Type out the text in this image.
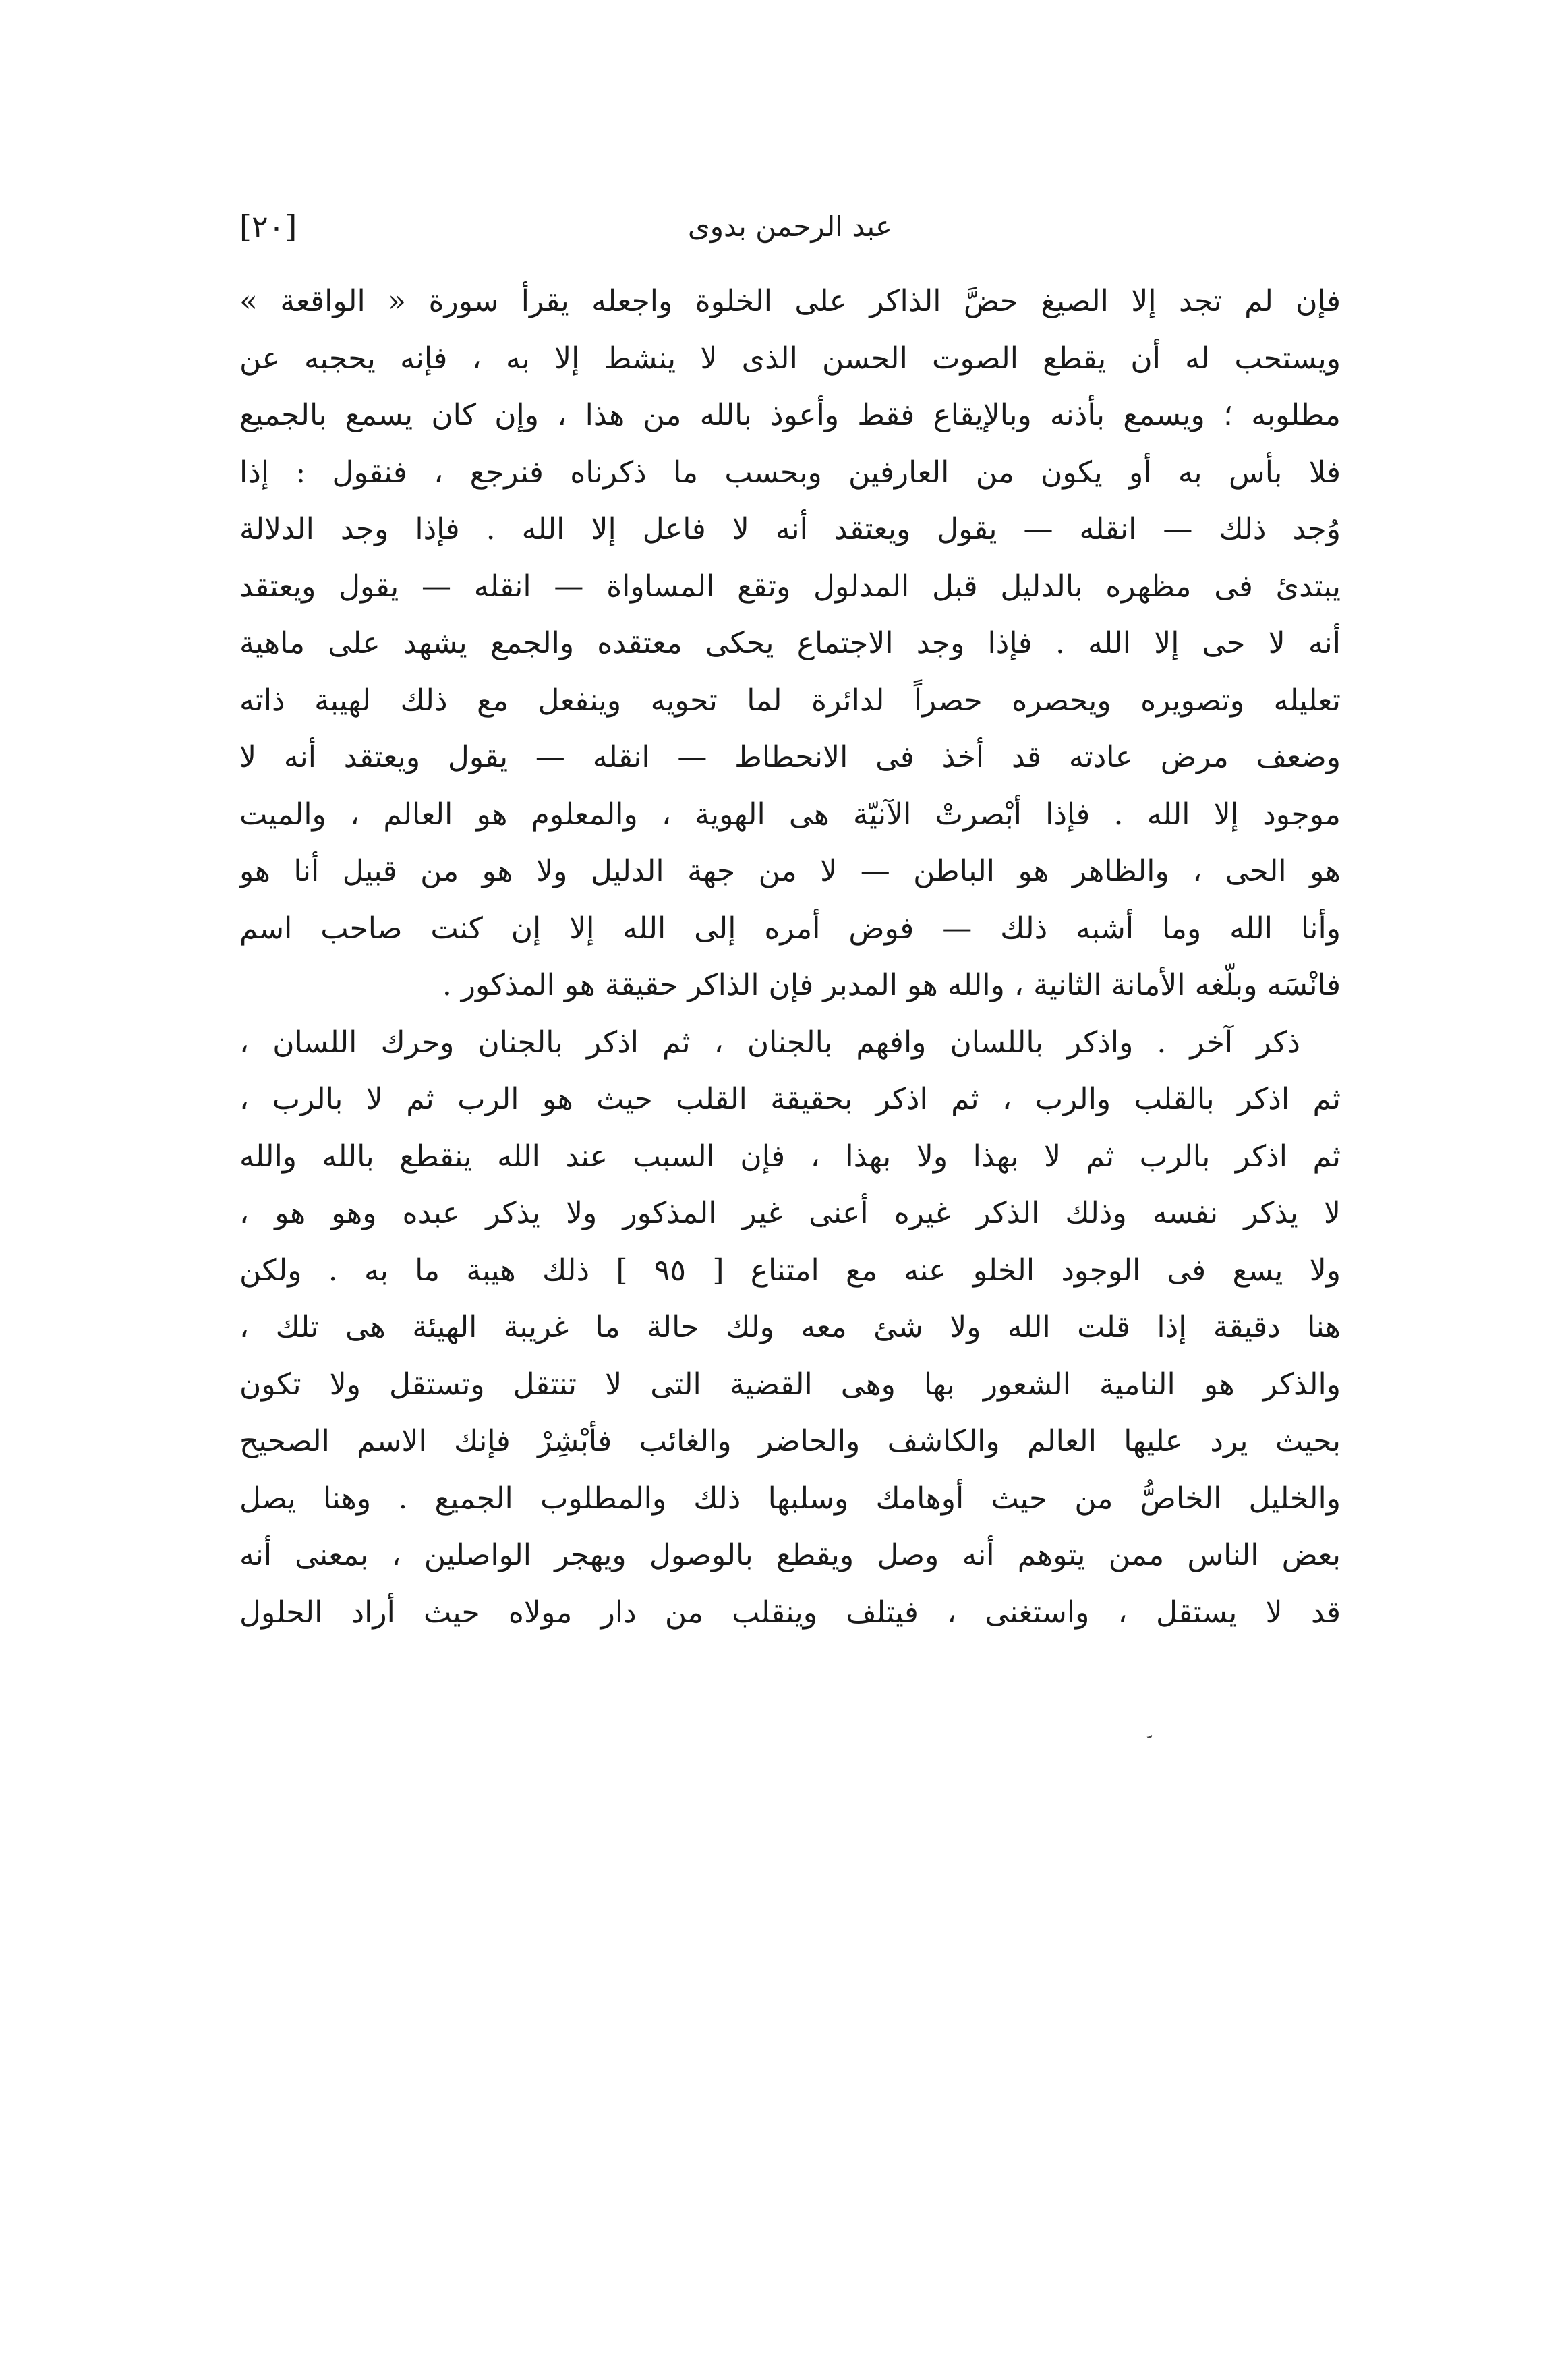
[٢٠]	عبد الرحمن بدوى
فإن لم تجد إلا الصيغ حضَّ الذاكر على الخلوة واجعله يقرأ سورة « الواقعة »
ويستحب له أن يقطع الصوت الحسن الذى لا ينشط إلا به ، فإنه يحجبه عن
مطلوبه ؛ ويسمع بأذنه وبالإيقاع فقط وأعوذ بالله من هذا ، وإن كان يسمع بالجميع
فلا بأس به أو يكون من العارفين وبحسب ما ذكرناه فنرجع ، فنقول : إذا
وُجد ذلك — انقله — يقول ويعتقد أنه لا فاعل إلا الله . فإذا وجد الدلالة
يبتدئ فى مظهره بالدليل قبل المدلول وتقع المساواة — انقله — يقول ويعتقد
أنه لا حى إلا الله . فإذا وجد الاجتماع يحكى معتقده والجمع يشهد على ماهية
تعليله وتصويره ويحصره حصراً لدائرة لما تحويه وينفعل مع ذلك لهيبة ذاته
وضعف مرض عادته قد أخذ فى الانحطاط — انقله — يقول ويعتقد أنه لا
موجود إلا الله . فإذا أبْصرتْ الآنيّة هى الهوية ، والمعلوم هو العالم ، والميت
هو الحى ، والظاهر هو الباطن — لا من جهة الدليل ولا هو من قبيل أنا هو
وأنا الله وما أشبه ذلك — فوض أمره إلى الله إلا إن كنت صاحب اسم
فانْسَه وبلّغه الأمانة الثانية ، والله هو المدبر فإن الذاكر حقيقة هو المذكور .
ذكر آخر . واذكر باللسان وافهم بالجنان ، ثم اذكر بالجنان وحرك اللسان ،
ثم اذكر بالقلب والرب ، ثم اذكر بحقيقة القلب حيث هو الرب ثم لا بالرب ،
ثم اذكر بالرب ثم لا بهذا ولا بهذا ، فإن السبب عند الله ينقطع بالله والله
لا يذكر نفسه وذلك الذكر غيره أعنى غير المذكور ولا يذكر عبده وهو هو ،
ولا يسع فى الوجود الخلو عنه مع امتناع [ ٩٥ ] ذلك هيبة ما به . ولكن
هنا دقيقة إذا قلت الله ولا شئ معه ولك حالة ما غريبة الهيئة هى تلك ،
والذكر هو النامية الشعور بها وهى القضية التى لا تنتقل وتستقل ولا تكون
بحيث يرد عليها العالم والكاشف والحاضر والغائب فأبْشِرْ فإنك الاسم الصحيح
والخليل الخاصُّ من حيث أوهامك وسلبها ذلك والمطلوب الجميع . وهنا يصل
بعض الناس ممن يتوهم أنه وصل ويقطع بالوصول ويهجر الواصلين ، بمعنى أنه
قد لا يستقل ، واستغنى ، فيتلف وينقلب من دار مولاه حيث أراد الحلول
